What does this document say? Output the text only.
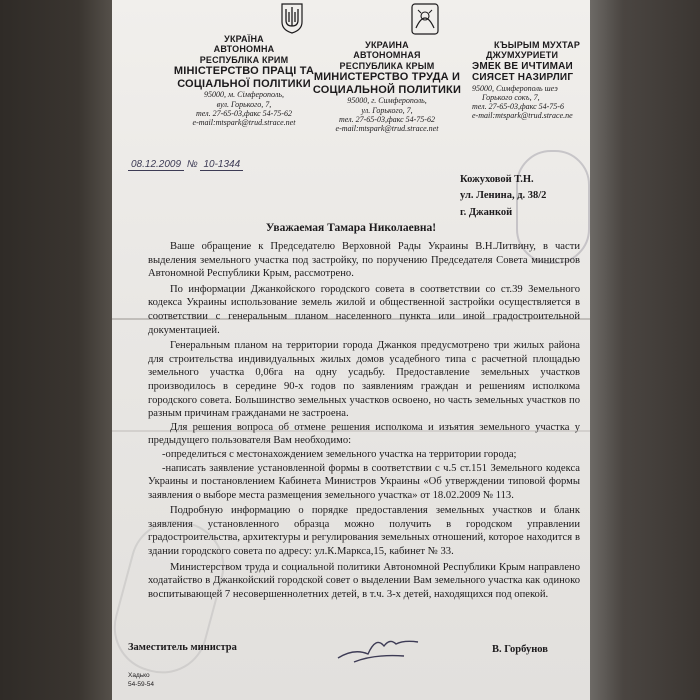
УКРАЇНА
АВТОНОМНА
РЕСПУБЛІКА КРИМ
МІНІСТЕРСТВО ПРАЦІ ТА
СОЦІАЛЬНОЇ ПОЛІТИКИ
95000, м. Сімферополь,
вул. Горького, 7,
тел. 27-65-03,факс 54-75-62
e-mail:mtspark@trud.strace.net
УКРАИНА
АВТОНОМНАЯ
РЕСПУБЛИКА КРЫМ
МИНИСТЕРСТВО ТРУДА И
СОЦИАЛЬНОЙ ПОЛИТИКИ
95000, г. Симферополь,
ул. Горького, 7,
тел. 27-65-03,факс 54-75-62
e-mail:mtspark@trud.strace.net
КЪЫРЫМ МУХТАР
ДЖУМХУРИЕТИ
ЭМЕК ВЕ ИЧТИМАИ
СИЯСЕТ НАЗИРЛИГ
95000, Симферополь шеэ
Горького сокъ, 7,
тел. 27-65-03,факс 54-75-6
e-mail:mtspark@trud.strace.ne
08.12.2009 № 10-1344
Кожуховой Т.Н.
ул. Ленина, д. 38/2
г. Джанкой
Уважаемая Тамара Николаевна!

Ваше обращение к Председателю Верховной Рады Украины В.Н.Литвину, в части выделения земельного участка под застройку, по поручению Председателя Совета министров Автономной Республики Крым, рассмотрено.

По информации Джанкойского городского совета в соответствии со ст.39 Земельного кодекса Украины использование земель жилой и общественной застройки осуществляется в соответствии с генеральным планом населенного пункта или иной градостроительной документацией.

Генеральным планом на территории города Джанкоя предусмотрено три жилых района для строительства индивидуальных жилых домов усадебного типа с расчетной площадью земельного участка 0,06га на одну усадьбу. Предоставление земельных участков производилось в середине 90-х годов по заявлениям граждан и решениям исполкома городского совета. Большинство земельных участков освоено, но часть земельных участков по разным причинам гражданами не застроена.

Для решения вопроса об отмене решения исполкома и изъятия земельного участка у предыдущего пользователя Вам необходимо:

-определиться с местонахождением земельного участка на территории города;

-написать заявление установленной формы в соответствии с ч.5 ст.151 Земельного кодекса Украины и постановлением Кабинета Министров Украины «Об утверждении типовой формы заявления о выборе места размещения земельного участка» от 18.02.2009 № 113.

Подробную информацию о порядке предоставления земельных участков и бланк заявления установленного образца можно получить в городском управлении градостроительства, архитектуры и регулирования земельных отношений, которое находится в здании городского совета по адресу: ул.К.Маркса,15, кабинет № 33.

Министерством труда и социальной политики Автономной Республики Крым направлено ходатайство в Джанкойский городской совет о выделении Вам земельного участка как одиноко воспитывающей 7 несовершеннолетних детей, в т.ч. 3-х детей, находящихся под опекой.

Заместитель министра	В. Горбунов
Хадько
54-59-54
